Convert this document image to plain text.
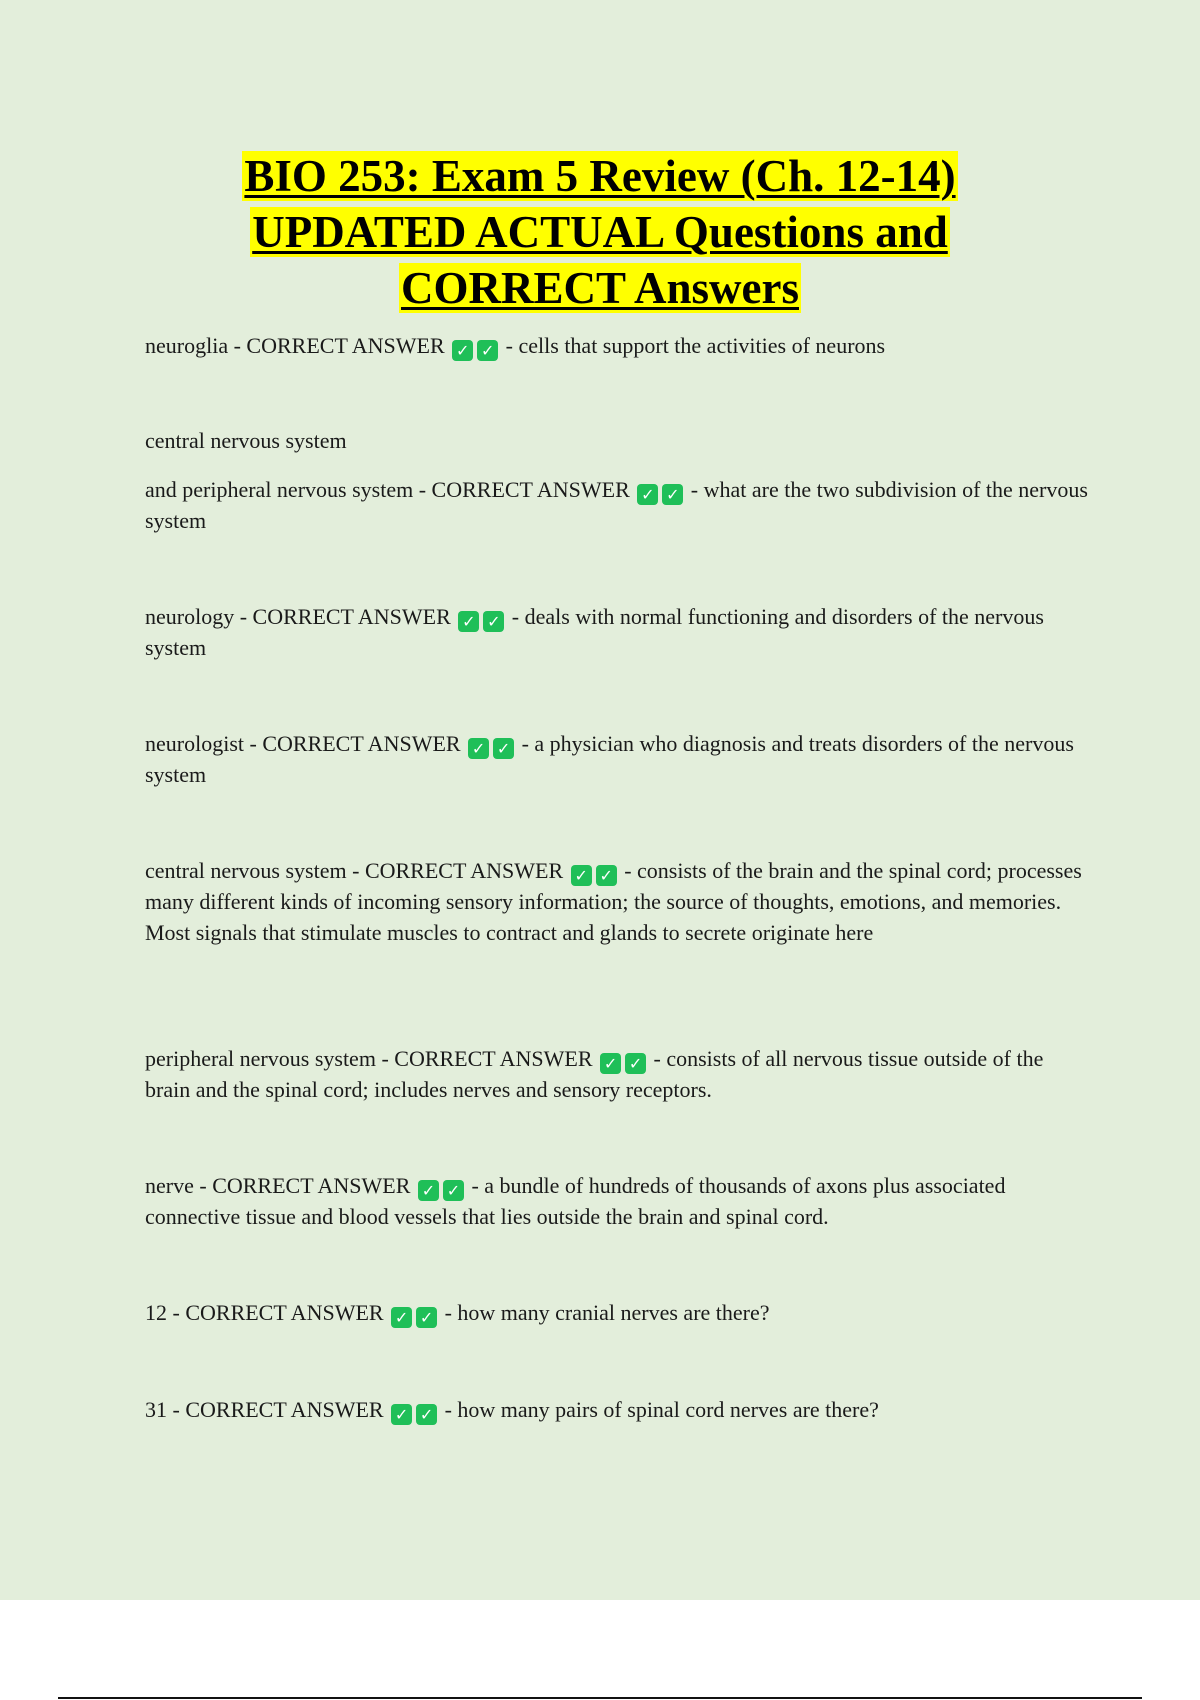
BIO 253: Exam 5 Review (Ch. 12-14)
UPDATED ACTUAL Questions and
CORRECT Answers

neuroglia - CORRECT ANSWER ✓ ✓ - cells that support the activities of neurons

central nervous system

and peripheral nervous system - CORRECT ANSWER ✓ ✓ - what are the two subdivision of the nervous system

neurology - CORRECT ANSWER ✓ ✓ - deals with normal functioning and disorders of the nervous system

neurologist - CORRECT ANSWER ✓ ✓ - a physician who diagnosis and treats disorders of the nervous system

central nervous system - CORRECT ANSWER ✓ ✓ - consists of the brain and the spinal cord; processes many different kinds of incoming sensory information; the source of thoughts, emotions, and memories. Most signals that stimulate muscles to contract and glands to secrete originate here

peripheral nervous system - CORRECT ANSWER ✓ ✓ - consists of all nervous tissue outside of the brain and the spinal cord; includes nerves and sensory receptors.

nerve - CORRECT ANSWER ✓ ✓ - a bundle of hundreds of thousands of axons plus associated connective tissue and blood vessels that lies outside the brain and spinal cord.

12 - CORRECT ANSWER ✓ ✓ - how many cranial nerves are there?

31 - CORRECT ANSWER ✓ ✓ - how many pairs of spinal cord nerves are there?
